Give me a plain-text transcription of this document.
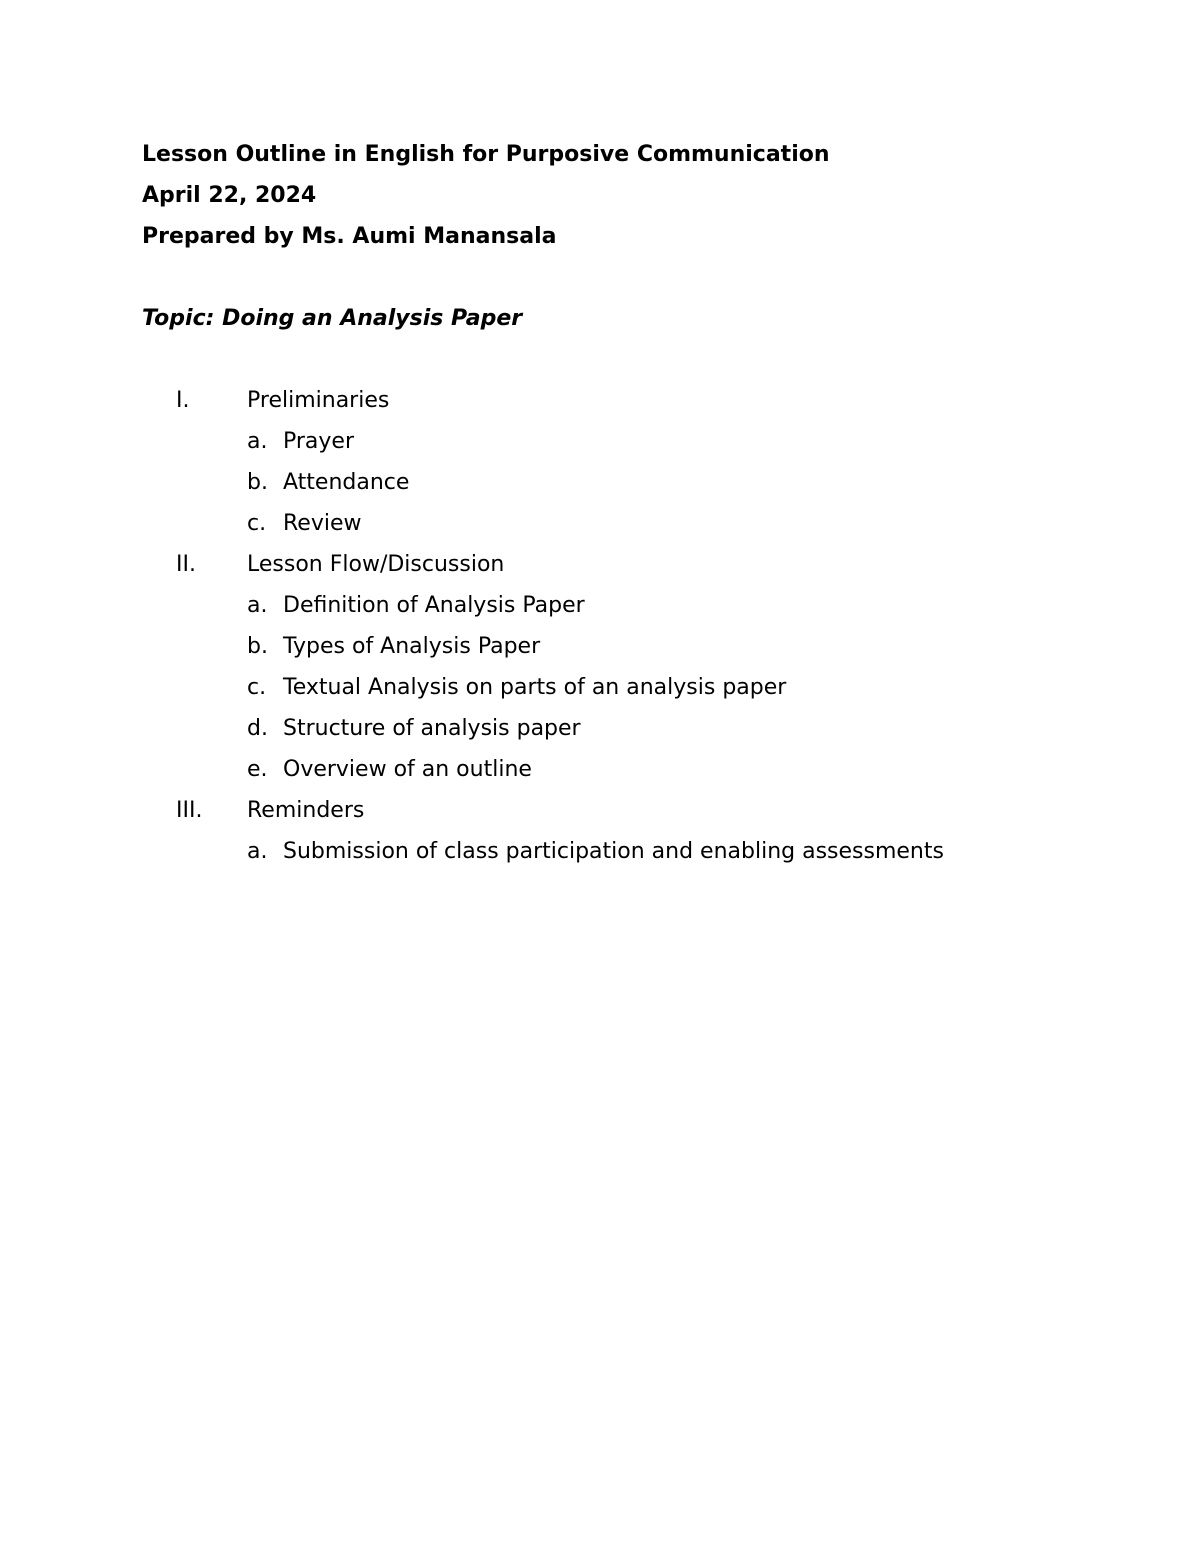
Lesson Outline in English for Purposive Communication
April 22, 2024
Prepared by Ms. Aumi Manansala
Topic: Doing an Analysis Paper
I.	Preliminaries
a. Prayer
b. Attendance
c. Review
II. Lesson Flow/Discussion
a. Definition of Analysis Paper
b. Types of Analysis Paper
c. Textual Analysis on parts of an analysis paper
d. Structure of analysis paper
e. Overview of an outline
III. Reminders
a. Submission of class participation and enabling assessments
